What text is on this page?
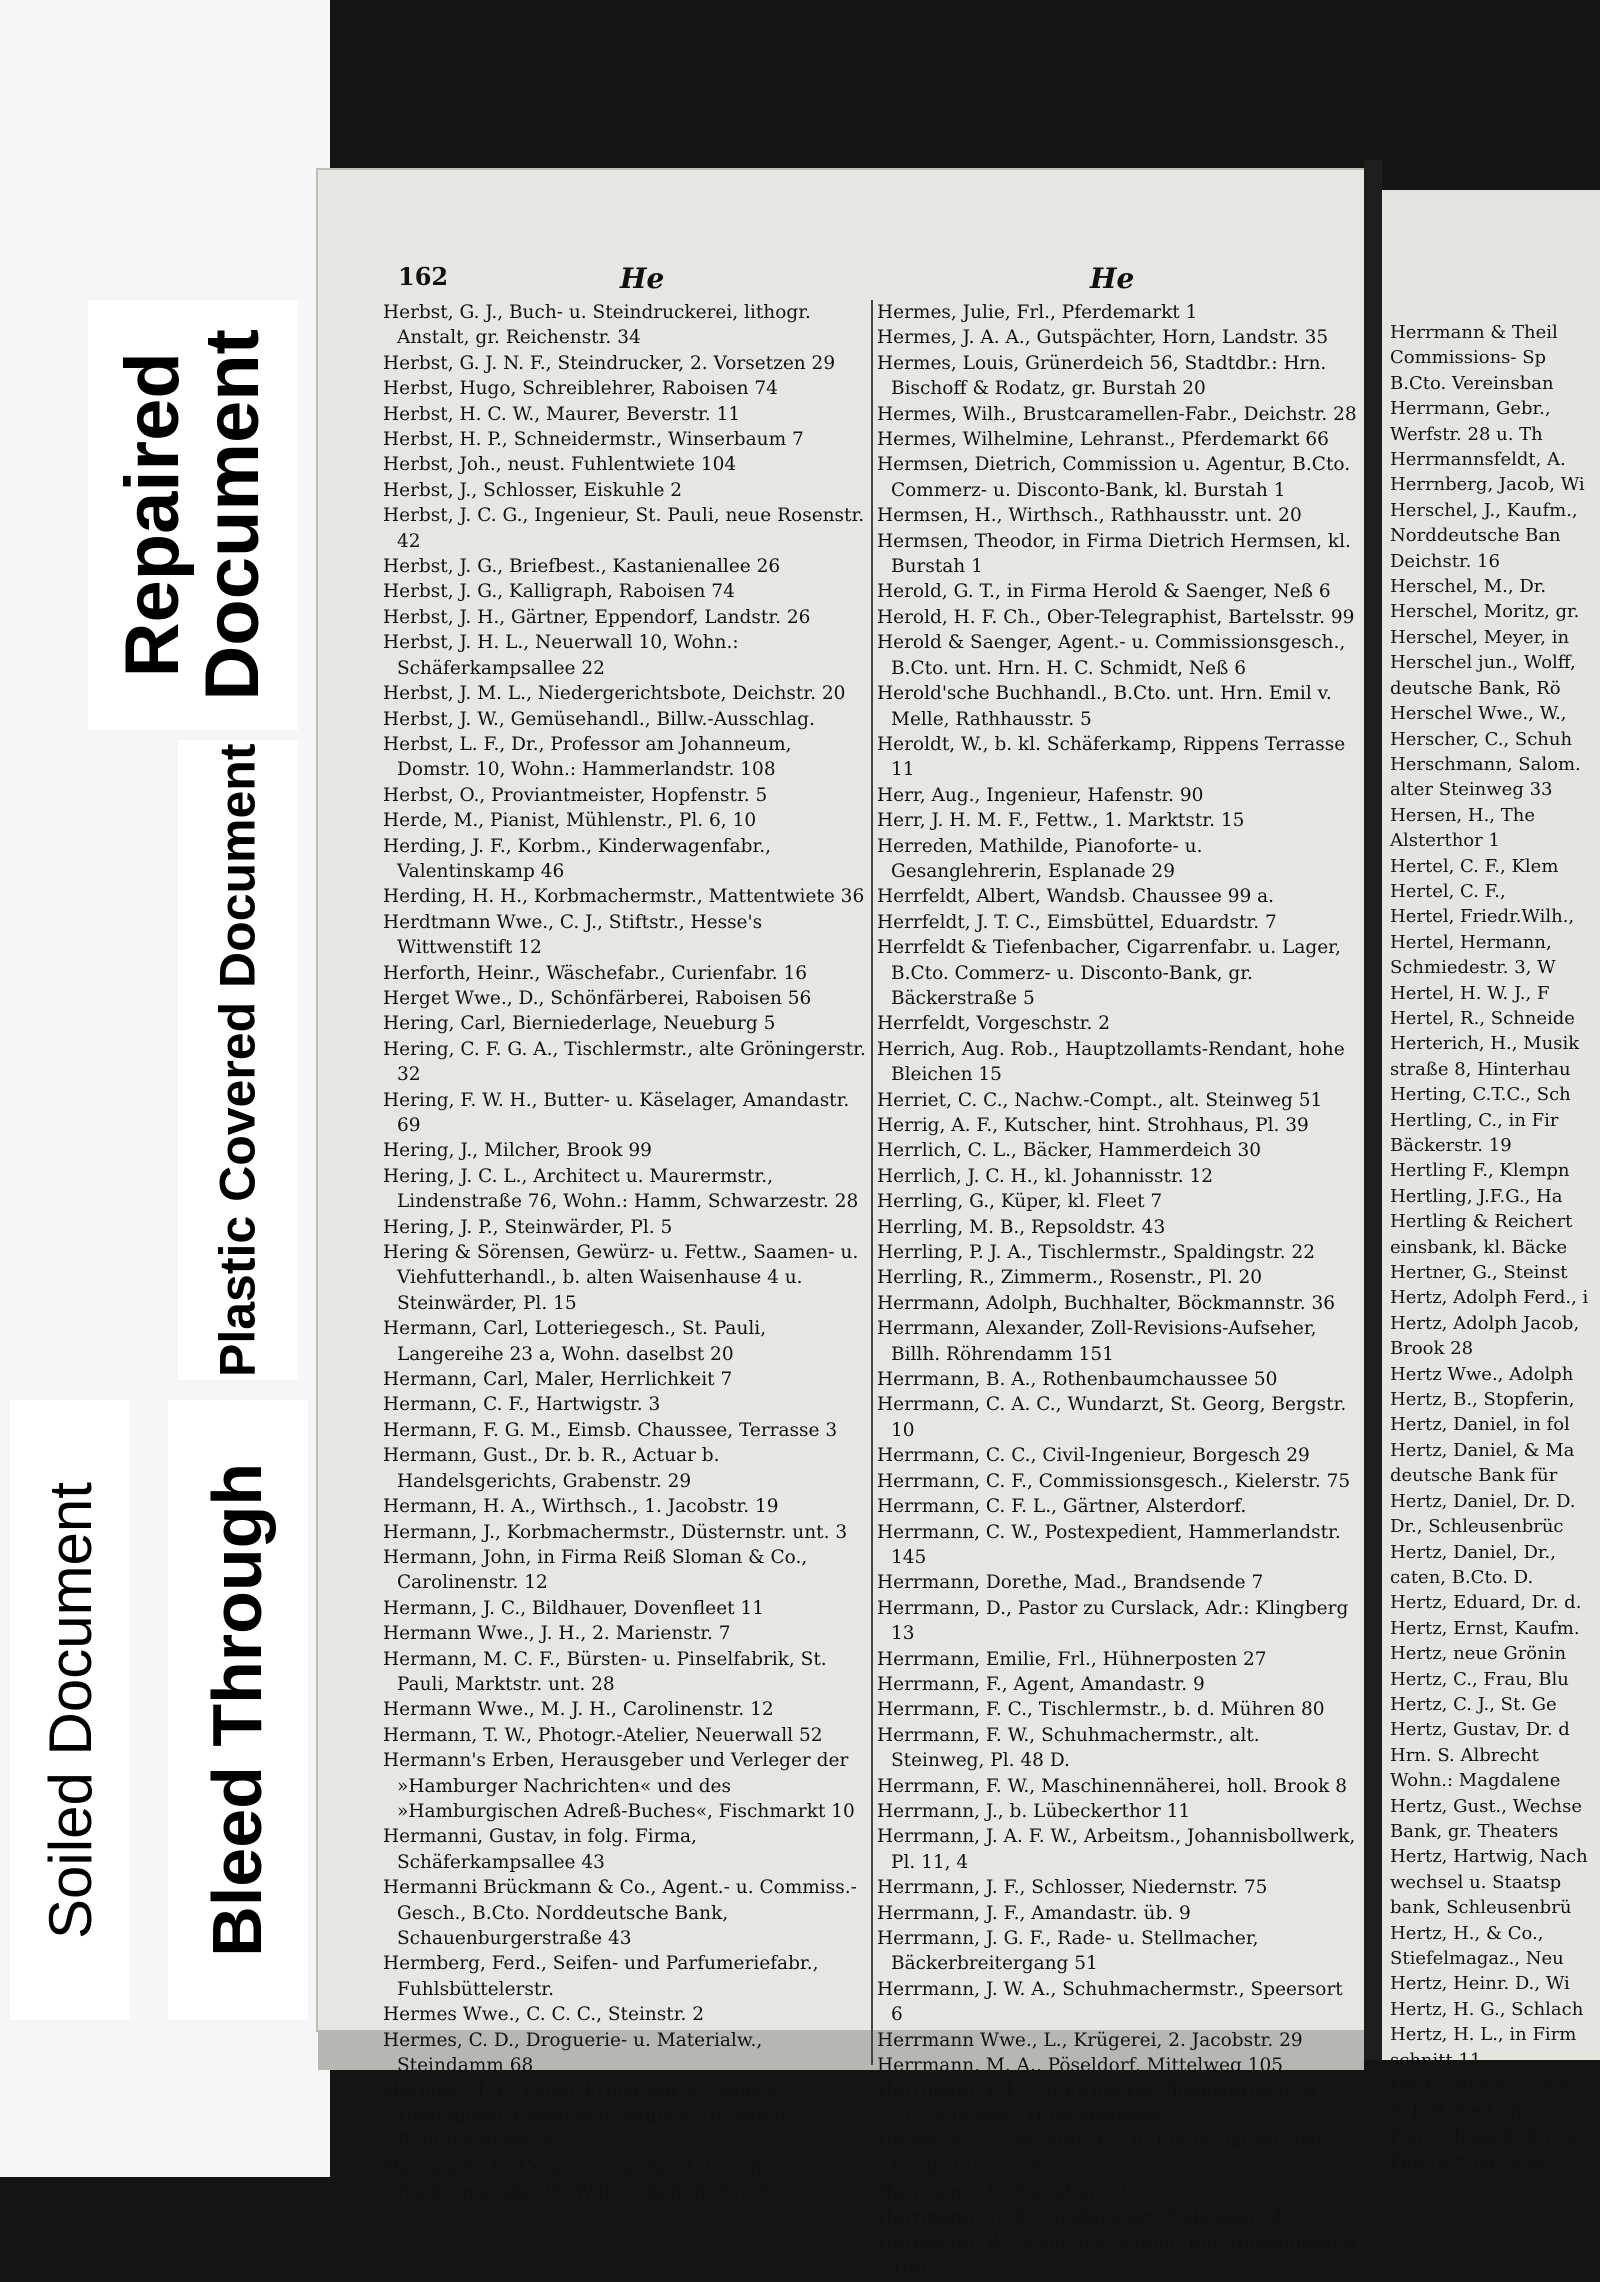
Repaired Document
Plastic Covered Document
Soiled Document Bleed Through
162	He	He

Herbst, G. J., Buch- u. Steindruckerei, lithogr. Anstalt, gr. Reichenstr. 34

Herbst, G. J. N. F., Steindrucker, 2. Vorsetzen 29

Herbst, Hugo, Schreiblehrer, Raboisen 74

Herbst, H. C. W., Maurer, Beverstr. 11

Herbst, H. P., Schneidermstr., Winserbaum 7

Herbst, Joh., neust. Fuhlentwiete 104

Herbst, J., Schlosser, Eiskuhle 2

Herbst, J. C. G., Ingenieur, St. Pauli, neue Rosenstr. 42

Herbst, J. G., Briefbest., Kastanienallee 26

Herbst, J. G., Kalligraph, Raboisen 74

Herbst, J. H., Gärtner, Eppendorf, Landstr. 26

Herbst, J. H. L., Neuerwall 10, Wohn.: Schäferkampsallee 22

Herbst, J. M. L., Niedergerichtsbote, Deichstr. 20

Herbst, J. W., Gemüsehandl., Billw.-Ausschlag.

Herbst, L. F., Dr., Professor am Johanneum, Domstr. 10, Wohn.: Hammerlandstr. 108

Herbst, O., Proviantmeister, Hopfenstr. 5

Herde, M., Pianist, Mühlenstr., Pl. 6, 10

Herding, J. F., Korbm., Kinderwagenfabr., Valentinskamp 46

Herding, H. H., Korbmachermstr., Mattentwiete 36

Herdtmann Wwe., C. J., Stiftstr., Hesse's Wittwenstift 12

Herforth, Heinr., Wäschefabr., Curienfabr. 16

Herget Wwe., D., Schönfärberei, Raboisen 56

Hering, Carl, Bierniederlage, Neueburg 5

Hering, C. F. G. A., Tischlermstr., alte Gröningerstr. 32

Hering, F. W. H., Butter- u. Käselager, Amandastr. 69

Hering, J., Milcher, Brook 99

Hering, J. C. L., Architect u. Maurermstr., Lindenstraße 76, Wohn.: Hamm, Schwarzestr. 28

Hering, J. P., Steinwärder, Pl. 5

Hering & Sörensen, Gewürz- u. Fettw., Saamen- u. Viehfutterhandl., b. alten Waisenhause 4 u. Steinwärder, Pl. 15

Hermann, Carl, Lotteriegesch., St. Pauli, Langereihe 23 a, Wohn. daselbst 20

Hermann, Carl, Maler, Herrlichkeit 7

Hermann, C. F., Hartwigstr. 3

Hermann, F. G. M., Eimsb. Chaussee, Terrasse 3

Hermann, Gust., Dr. b. R., Actuar b. Handelsgerichts, Grabenstr. 29

Hermann, H. A., Wirthsch., 1. Jacobstr. 19

Hermann, J., Korbmachermstr., Düsternstr. unt. 3

Hermann, John, in Firma Reiß Sloman & Co., Carolinenstr. 12

Hermann, J. C., Bildhauer, Dovenfleet 11

Hermann Wwe., J. H., 2. Marienstr. 7

Hermann, M. C. F., Bürsten- u. Pinselfabrik, St. Pauli, Marktstr. unt. 28

Hermann Wwe., M. J. H., Carolinenstr. 12

Hermann, T. W., Photogr.-Atelier, Neuerwall 52

Hermann's Erben, Herausgeber und Verleger der »Hamburger Nachrichten« und des »Hamburgischen Adreß-Buches«, Fischmarkt 10

Hermanni, Gustav, in folg. Firma, Schäferkampsallee 43

Hermanni Brückmann & Co., Agent.- u. Commiss.-Gesch., B.Cto. Norddeutsche Bank, Schauenburgerstraße 43

Hermberg, Ferd., Seifen- und Parfumeriefabr., Fuhlsbüttelerstr.

Hermes Wwe., C. C. C., Steinstr. 2

Hermes, C. D., Droguerie- u. Materialw., Steindamm 68

Hermes, H. F., Güter-Procureur d. Lübeck-Hamburger Eisenbahn, Paulstr. 10, Wohn.: Bahnhofstraße 8

Hermes H. F., Commiss.- u. Sped.-Gesch., Niedernstraße 76, Wohn.: Bahnhofstr. 8

Hermes, Julie, Frl., Pferdemarkt 1

Hermes, J. A. A., Gutspächter, Horn, Landstr. 35

Hermes, Louis, Grünerdeich 56, Stadtdbr.: Hrn. Bischoff & Rodatz, gr. Burstah 20

Hermes, Wilh., Brustcaramellen-Fabr., Deichstr. 28

Hermes, Wilhelmine, Lehranst., Pferdemarkt 66

Hermsen, Dietrich, Commission u. Agentur, B.Cto. Commerz- u. Disconto-Bank, kl. Burstah 1

Hermsen, H., Wirthsch., Rathhausstr. unt. 20

Hermsen, Theodor, in Firma Dietrich Hermsen, kl. Burstah 1

Herold, G. T., in Firma Herold & Saenger, Neß 6

Herold, H. F. Ch., Ober-Telegraphist, Bartelsstr. 99

Herold & Saenger, Agent.- u. Commissionsgesch., B.Cto. unt. Hrn. H. C. Schmidt, Neß 6

Herold'sche Buchhandl., B.Cto. unt. Hrn. Emil v. Melle, Rathhausstr. 5

Heroldt, W., b. kl. Schäferkamp, Rippens Terrasse 11

Herr, Aug., Ingenieur, Hafenstr. 90

Herr, J. H. M. F., Fettw., 1. Marktstr. 15

Herreden, Mathilde, Pianoforte- u. Gesanglehrerin, Esplanade 29

Herrfeldt, Albert, Wandsb. Chaussee 99 a.

Herrfeldt, J. T. C., Eimsbüttel, Eduardstr. 7

Herrfeldt & Tiefenbacher, Cigarrenfabr. u. Lager, B.Cto. Commerz- u. Disconto-Bank, gr. Bäckerstraße 5

Herrfeldt, Vorgeschstr. 2

Herrich, Aug. Rob., Hauptzollamts-Rendant, hohe Bleichen 15

Herriet, C. C., Nachw.-Compt., alt. Steinweg 51

Herrig, A. F., Kutscher, hint. Strohhaus, Pl. 39

Herrlich, C. L., Bäcker, Hammerdeich 30

Herrlich, J. C. H., kl. Johannisstr. 12

Herrling, G., Küper, kl. Fleet 7

Herrling, M. B., Repsoldstr. 43

Herrling, P. J. A., Tischlermstr., Spaldingstr. 22

Herrling, R., Zimmerm., Rosenstr., Pl. 20

Herrmann, Adolph, Buchhalter, Böckmannstr. 36

Herrmann, Alexander, Zoll-Revisions-Aufseher, Billh. Röhrendamm 151

Herrmann, B. A., Rothenbaumchaussee 50

Herrmann, C. A. C., Wundarzt, St. Georg, Bergstr. 10

Herrmann, C. C., Civil-Ingenieur, Borgesch 29

Herrmann, C. F., Commissionsgesch., Kielerstr. 75

Herrmann, C. F. L., Gärtner, Alsterdorf.

Herrmann, C. W., Postexpedient, Hammerlandstr. 145

Herrmann, Dorethe, Mad., Brandsende 7

Herrmann, D., Pastor zu Curslack, Adr.: Klingberg 13

Herrmann, Emilie, Frl., Hühnerposten 27

Herrmann, F., Agent, Amandastr. 9

Herrmann, F. C., Tischlermstr., b. d. Mühren 80

Herrmann, F. W., Schuhmachermstr., alt. Steinweg, Pl. 48 D.

Herrmann, F. W., Maschinennäherei, holl. Brook 8

Herrmann, J., b. Lübeckerthor 11

Herrmann, J. A. F. W., Arbeitsm., Johannisbollwerk, Pl. 11, 4

Herrmann, J. F., Schlosser, Niedernstr. 75

Herrmann, J. F., Amandastr. üb. 9

Herrmann, J. G. F., Rade- u. Stellmacher, Bäckerbreitergang 51

Herrmann, J. W. A., Schuhmachermstr., Speersort 6

Herrmann Wwe., L., Krügerei, 2. Jacobstr. 29

Herrmann, M. A., Pöseldorf, Mittelweg 105

Herrmann, P. H., in Firma De Chapeaurouge & Co., Success., Hühnerposten 7

Herrmann, S., Manufactur u. Kindergarderoben, Schlachterstr. 4

Herrmann, S., Neueburg 7

Herrmann, T., Schneidermstr., Raboisen 74

Herrmann, W., Schleifer, Hamm, Borstelmannsweg 160

Herrmann & Theil

Commissions- Sp

B.Cto. Vereinsban

Herrmann, Gebr.,

Werfstr. 28 u. Th

Herrmannsfeldt, A.

Herrnberg, Jacob, Wi

Herschel, J., Kaufm.,

Norddeutsche Ban

Deichstr. 16

Herschel, M., Dr.

Herschel, Moritz, gr.

Herschel, Meyer, in

Herschel jun., Wolff,

deutsche Bank, Rö

Herschel Wwe., W.,

Herscher, C., Schuh

Herschmann, Salom.

alter Steinweg 33

Hersen, H., The

Alsterthor 1

Hertel, C. F., Klem

Hertel, C. F.,

Hertel, Friedr.Wilh.,

Hertel, Hermann,

Schmiedestr. 3, W

Hertel, H. W. J., F

Hertel, R., Schneide

Herterich, H., Musik

straße 8, Hinterhau

Herting, C.T.C., Sch

Hertling, C., in Fir

Bäckerstr. 19

Hertling F., Klempn

Hertling, J.F.G., Ha

Hertling & Reichert

einsbank, kl. Bäcke

Hertner, G., Steinst

Hertz, Adolph Ferd., i

Hertz, Adolph Jacob,

Brook 28

Hertz Wwe., Adolph

Hertz, B., Stopferin,

Hertz, Daniel, in fol

Hertz, Daniel, & Ma

deutsche Bank für

Hertz, Daniel, Dr. D.

Dr., Schleusenbrüc

Hertz, Daniel, Dr.,

caten, B.Cto. D.

Hertz, Eduard, Dr. d.

Hertz, Ernst, Kaufm.

Hertz, neue Grönin

Hertz, C., Frau, Blu

Hertz, C. J., St. Ge

Hertz, Gustav, Dr. d

Hrn. S. Albrecht

Wohn.: Magdalene

Hertz, Gust., Wechse

Bank, gr. Theaters

Hertz, Hartwig, Nach

wechsel u. Staatsp

bank, Schleusenbrü

Hertz, H., & Co.,

Stiefelmagaz., Neu

Hertz, Heinr. D., Wi

Hertz, H. G., Schlach

Hertz, H. L., in Firm

schnitt 11

Hertz, Hartw. Samso

& J. N. Heß, gr.

Hertz, Joseph, Strun

Peterstr. 6a, Brie
